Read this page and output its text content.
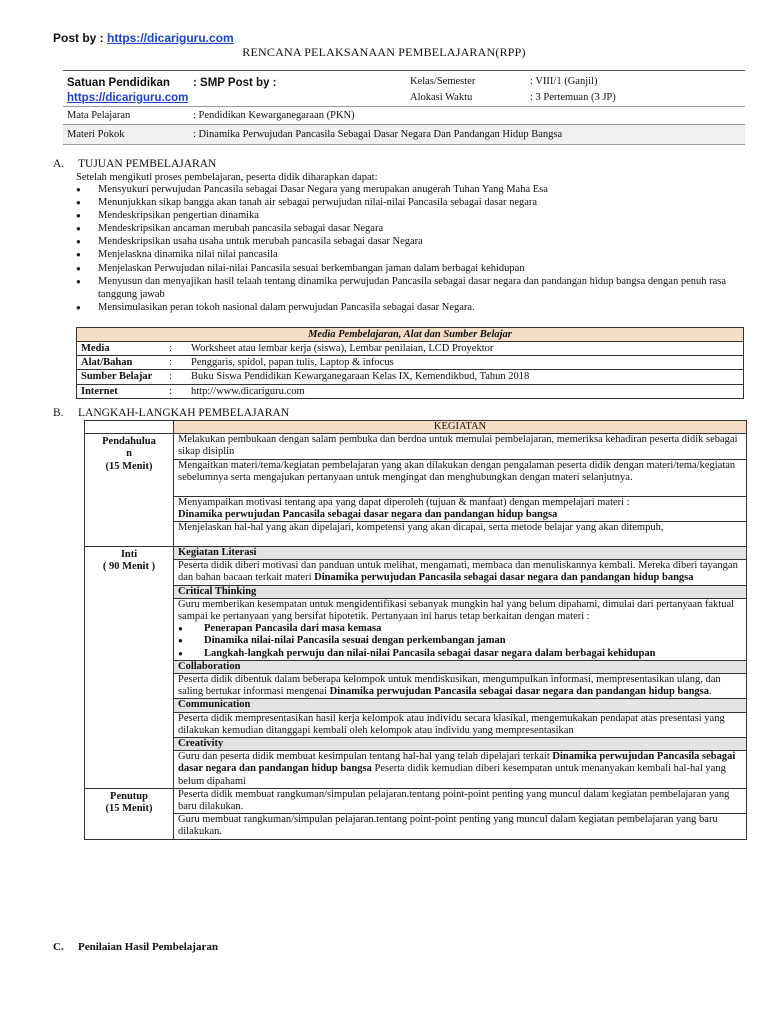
Post by : https://dicariguru.com
RENCANA PELAKSANAAN PEMBELAJARAN(RPP)
Satuan Pendidikan : SMP Post by :
https://dicariguru.com
Kelas/Semester	: VIII/1 (Ganjil)
Alokasi Waktu	: 3 Pertemuan (3 JP)
Mata Pelajaran	: Pendidikan Kewarganegaraan (PKN)
Materi Pokok	: Dinamika Perwujudan Pancasila Sebagai Dasar Negara Dan Pandangan Hidup Bangsa
A. TUJUAN PEMBELAJARAN
Setelah mengikuti proses pembelajaran, peserta didik diharapkan dapat:
● Mensyukuri perwujudan Pancasila sebagai Dasar Negara yang merupakan anugerah Tuhan Yang Maha Esa
● Menunjukkan sikap bangga akan tanah air sebagai perwujudan nilai-nilai Pancasila sebagai dasar negara
● Mendeskripsikan pengertian dinamika
● Mendeskripsikan ancaman merubah pancasila sebagai dasar Negara
● Mendeskripsikan usaha usaha untuk merubah pancasila sebagai dasar Negara
● Menjelaskna dinamika nilai nilai pancasila
● Menjelaskan Perwujudan nilai-nilai Pancasila sesuai berkembangan jaman dalam berbagai kehidupan
● Menyusun dan menyajikan hasil telaah tentang dinamika perwujudan Pancasila sebagai dasar negara dan pandangan hidup bangsa dengan penuh rasa tanggung jawab
● Mensimulasikan peran tokoh nasional dalam perwujudan Pancasila sebagai dasar Negara.
Media Pembelajaran, Alat dan Sumber Belajar		
Media	:	Worksheet atau lembar kerja (siswa), Lembar penilaian, LCD Proyektor
Alat/Bahan	:	Penggaris, spidol, papan tulis, Laptop & infocus
Sumber Belajar	:	Buku Siswa Pendidikan Kewarganegaraan Kelas IX, Kemendikbud, Tahun 2018
Internet	:	http://www.dicariguru.com
B. LANGKAH-LANGKAH PEMBELAJARAN
	KEGIATAN

Pendahulua
n
(15 Menit)	Melakukan pembukaan dengan salam pembuka dan berdoa untuk memulai pembelajaran, memeriksa kehadiran peserta didik sebagai sikap disiplin
	Mengaitkan materi/tema/kegiatan pembelajaran yang akan dilakukan dengan pengalaman peserta didik dengan materi/tema/kegiatan sebelumnya serta mengajukan pertanyaan untuk mengingat dan menghubungkan dengan materi selanjutnya.

	Menyampaikan motivasi tentang apa yang dapat diperoleh (tujuan & manfaat) dengan mempelajari materi :
Dinamika perwujudan Pancasila sebagai dasar negara dan pandangan hidup bangsa

	Menjelaskan hal-hal yang akan dipelajari, kompetensi yang akan dicapai, serta metode belajar yang akan ditempuh,

Inti
( 90 Menit )	Kegiatan Literasi
	Peserta didik diberi motivasi dan panduan untuk melihat, mengamati, membaca dan menuliskannya kembali. Mereka diberi tayangan dan bahan bacaan terkait materi Dinamika perwujudan Pancasila sebagai dasar negara dan pandangan hidup bangsa
	Critical Thinking

	Guru memberikan kesempatan untuk mengidentifikasi sebanyak mungkin hal yang belum dipahami, dimulai dari pertanyaan faktual sampai ke pertanyaan yang bersifat hipotetik. Pertanyaan ini harus tetap berkaitan dengan materi :
● Penerapan Pancasila dari masa kemasa
● Dinamika nilai-nilai Pancasila sesuai dengan perkembangan jaman
● Langkah-langkah perwuju dan nilai-nilai Pancasila sebagai dasar negara dalam berbagai kehidupan

	Collaboration
	Peserta didik dibentuk dalam beberapa kelompok untuk mendiskusikan, mengumpulkan informasi, mempresentasikan ulang, dan saling bertukar informasi mengenai Dinamika perwujudan Pancasila sebagai dasar negara dan pandangan hidup bangsa.
	Communication
	Peserta didik mempresentasikan hasil kerja kelompok atau individu secara klasikal, mengemukakan pendapat atas presentasi yang dilakukan kemudian ditanggapi kembali oleh kelompok atau individu yang mempresentasikan
	Creativity
	Guru dan peserta didik membuat kesimpulan tentang hal-hal yang telah dipelajari terkait Dinamika perwujudan Pancasila sebagai dasar negara dan pandangan hidup bangsa Peserta didik kemudian diberi kesempatan untuk menanyakan kembali hal-hal yang belum dipahami

Penutup
(15 Menit)	Peserta didik membuat rangkuman/simpulan pelajaran.tentang point-point penting yang muncul dalam kegiatan pembelajaran yang baru dilakukan.
	Guru membuat rangkuman/simpulan pelajaran.tentang point-point penting yang muncul dalam kegiatan pembelajaran yang baru dilakukan.
C. Penilaian Hasil Pembelajaran
